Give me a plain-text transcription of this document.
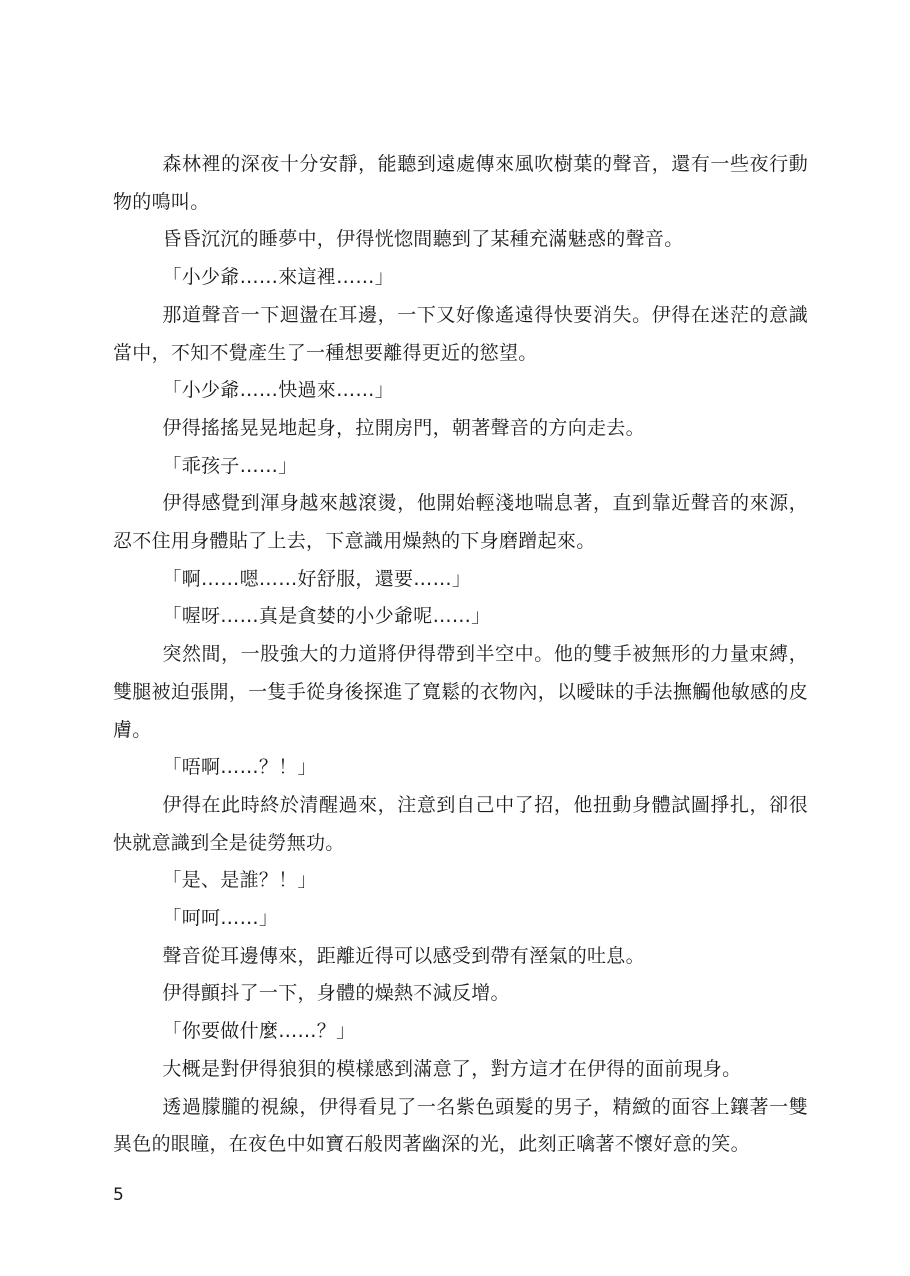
森林裡的深夜十分安靜，能聽到遠處傳來風吹樹葉的聲音，還有一些夜行動物的鳴叫。

昏昏沉沉的睡夢中，伊得恍惚間聽到了某種充滿魅惑的聲音。

「小少爺……來這裡……」

那道聲音一下迴盪在耳邊，一下又好像遙遠得快要消失。伊得在迷茫的意識當中，不知不覺產生了一種想要離得更近的慾望。

「小少爺……快過來……」

伊得搖搖晃晃地起身，拉開房門，朝著聲音的方向走去。

「乖孩子……」

伊得感覺到渾身越來越滾燙，他開始輕淺地喘息著，直到靠近聲音的來源，忍不住用身體貼了上去，下意識用燥熱的下身磨蹭起來。

「啊……嗯……好舒服，還要……」

「喔呀……真是貪婪的小少爺呢……」

突然間，一股強大的力道將伊得帶到半空中。他的雙手被無形的力量束縛，雙腿被迫張開，一隻手從身後探進了寬鬆的衣物內，以曖昧的手法撫觸他敏感的皮膚。

「唔啊……？！」

伊得在此時終於清醒過來，注意到自己中了招，他扭動身體試圖掙扎，卻很快就意識到全是徒勞無功。

「是、是誰？！」

「呵呵……」

聲音從耳邊傳來，距離近得可以感受到帶有溼氣的吐息。

伊得顫抖了一下，身體的燥熱不減反增。

「你要做什麼……？」

大概是對伊得狼狽的模樣感到滿意了，對方這才在伊得的面前現身。

透過朦朧的視線，伊得看見了一名紫色頭髮的男子，精緻的面容上鑲著一雙異色的眼瞳，在夜色中如寶石般閃著幽深的光，此刻正噙著不懷好意的笑。

5
